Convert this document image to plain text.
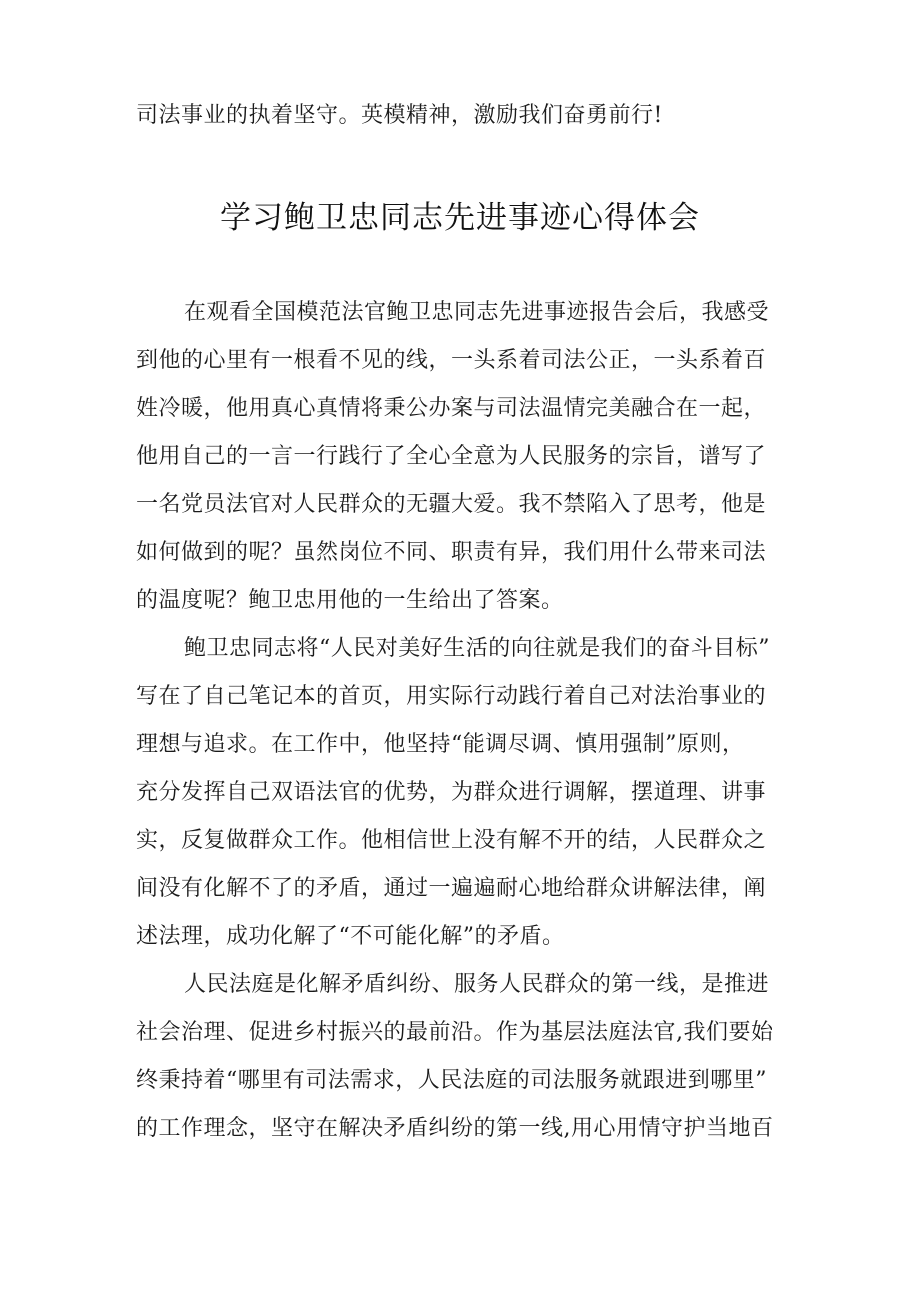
司法事业的执着坚守。英模精神，激励我们奋勇前行!
学习鲍卫忠同志先进事迹心得体会
在观看全国模范法官鲍卫忠同志先进事迹报告会后，我感受
到他的心里有一根看不见的线，一头系着司法公正，一头系着百
姓冷暖，他用真心真情将秉公办案与司法温情完美融合在一起，
他用自己的一言一行践行了全心全意为人民服务的宗旨，谱写了
一名党员法官对人民群众的无疆大爱。我不禁陷入了思考，他是
如何做到的呢？虽然岗位不同、职责有异，我们用什么带来司法
的温度呢？鲍卫忠用他的一生给出了答案。
鲍卫忠同志将“人民对美好生活的向往就是我们的奋斗目标”
写在了自己笔记本的首页，用实际行动践行着自己对法治事业的
理想与追求。在工作中，他坚持“能调尽调、慎用强制”原则，
充分发挥自己双语法官的优势，为群众进行调解，摆道理、讲事
实，反复做群众工作。他相信世上没有解不开的结，人民群众之
间没有化解不了的矛盾，通过一遍遍耐心地给群众讲解法律，阐
述法理，成功化解了“不可能化解”的矛盾。
人民法庭是化解矛盾纠纷、服务人民群众的第一线，是推进
社会治理、促进乡村振兴的最前沿。作为基层法庭法官,我们要始
终秉持着“哪里有司法需求，人民法庭的司法服务就跟进到哪里”
的工作理念，坚守在解决矛盾纠纷的第一线,用心用情守护当地百
